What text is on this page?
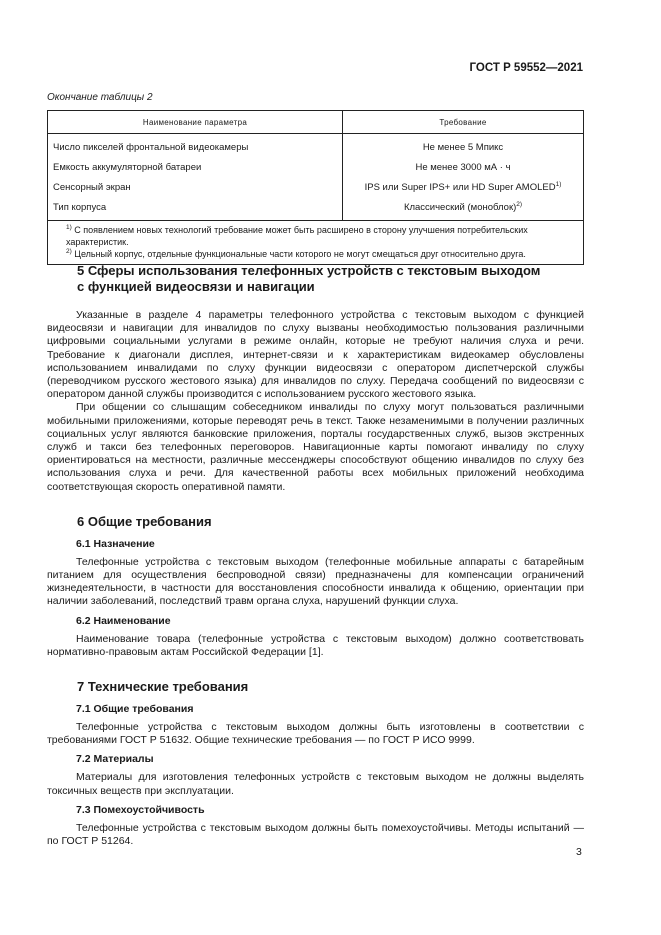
ГОСТ Р 59552—2021
Окончание таблицы 2
Наименование параметра	Требование
Число пикселей фронтальной видеокамеры	Не менее 5 Мпикс
Емкость аккумуляторной батареи	Не менее 3000 мА · ч
Сенсорный экран	IPS или Super IPS+ или HD Super AMOLED$^{1)}$
Тип корпуса	Классический (моноблок)$^{2)}$

$^{1)}$ С появлением новых технологий требование может быть расширено в сторону улучшения потребительских характеристик.

$^{2)}$ Цельный корпус, отдельные функциональные части которого не могут смещаться друг относительно друга.	

5 Сферы использования телефонных устройств с текстовым выходом
с функцией видеосвязи и навигации

Указанные в разделе 4 параметры телефонного устройства с текстовым выходом с функцией видеосвязи и навигации для инвалидов по слуху вызваны необходимостью пользования различными цифровыми социальными услугами в режиме онлайн, которые не требуют наличия слуха и речи. Требование к диагонали дисплея, интернет-связи и к характеристикам видеокамер обусловлены использованием инвалидами по слуху функции видеосвязи с оператором диспетчерской службы (переводчиком русского жестового языка) для инвалидов по слуху. Передача сообщений по видеосвязи с оператором данной службы производится с использованием русского жестового языка.

При общении со слышащим собеседником инвалиды по слуху могут пользоваться различными мобильными приложениями, которые переводят речь в текст. Также незаменимыми в получении различных социальных услуг являются банковские приложения, порталы государственных служб, вызов экстренных служб и такси без телефонных переговоров. Навигационные карты помогают инвалиду по слуху ориентироваться на местности, различные мессенджеры способствуют общению инвалидов по слуху без использования слуха и речи. Для качественной работы всех мобильных приложений необходима соответствующая скорость оперативной памяти.

6 Общие требования
6.1 Назначение

Телефонные устройства с текстовым выходом (телефонные мобильные аппараты с батарейным питанием для осуществления беспроводной связи) предназначены для компенсации ограничений жизнедеятельности, в частности для восстановления способности инвалида к общению, ориентации при наличии заболеваний, последствий травм органа слуха, нарушений функции слуха.

6.2 Наименование

Наименование товара (телефонные устройства с текстовым выходом) должно соответствовать нормативно-правовым актам Российской Федерации [1].

7 Технические требования
7.1 Общие требования

Телефонные устройства с текстовым выходом должны быть изготовлены в соответствии с требованиями ГОСТ Р 51632. Общие технические требования — по ГОСТ Р ИСО 9999.

7.2 Материалы

Материалы для изготовления телефонных устройств с текстовым выходом не должны выделять токсичных веществ при эксплуатации.

7.3 Помехоустойчивость

Телефонные устройства с текстовым выходом должны быть помехоустойчивы. Методы испытаний — по ГОСТ Р 51264.

3
